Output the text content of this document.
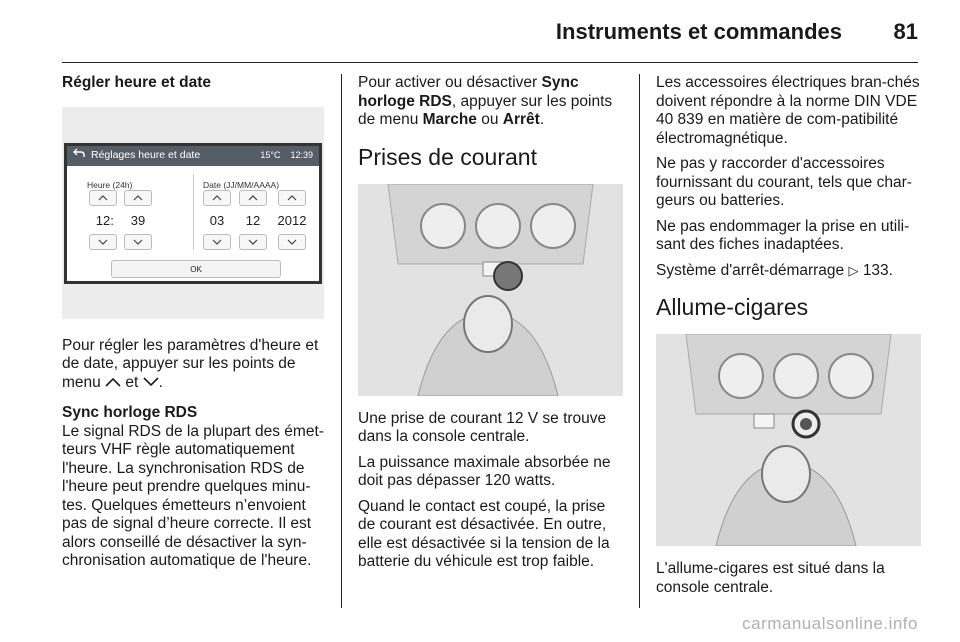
Instruments et commandes 81
Régler heure et date
Réglages heure et date	15°C 12:39
Heure (24h)	Date (JJ/MM/AAAA)
12 :	39	03	12	2012
OK

Pour régler les paramètres d'heure et de date, appuyer sur les points de menu et .

Sync horloge RDS

Le signal RDS de la plupart des émet-teurs VHF règle automatiquement l'heure. La synchronisation RDS de l'heure peut prendre quelques minu-tes. Quelques émetteurs n’envoient pas de signal d’heure correcte. Il est alors conseillé de désactiver la syn-chronisation automatique de l'heure.

Pour activer ou désactiver Sync horloge RDS, appuyer sur les points de menu Marche ou Arrêt.

Prises de courant

Une prise de courant 12 V se trouve dans la console centrale.

La puissance maximale absorbée ne doit pas dépasser 120 watts.

Quand le contact est coupé, la prise de courant est désactivée. En outre, elle est désactivée si la tension de la batterie du véhicule est trop faible.

Les accessoires électriques bran-chés doivent répondre à la norme DIN VDE 40 839 en matière de com-patibilité électromagnétique.

Ne pas y raccorder d'accessoires fournissant du courant, tels que char-geurs ou batteries.

Ne pas endommager la prise en utili-sant des fiches inadaptées.

Système d'arrêt-démarrage ▷ 133.

Allume-cigares

L'allume-cigares est situé dans la console centrale.

carmanualsonline.info
